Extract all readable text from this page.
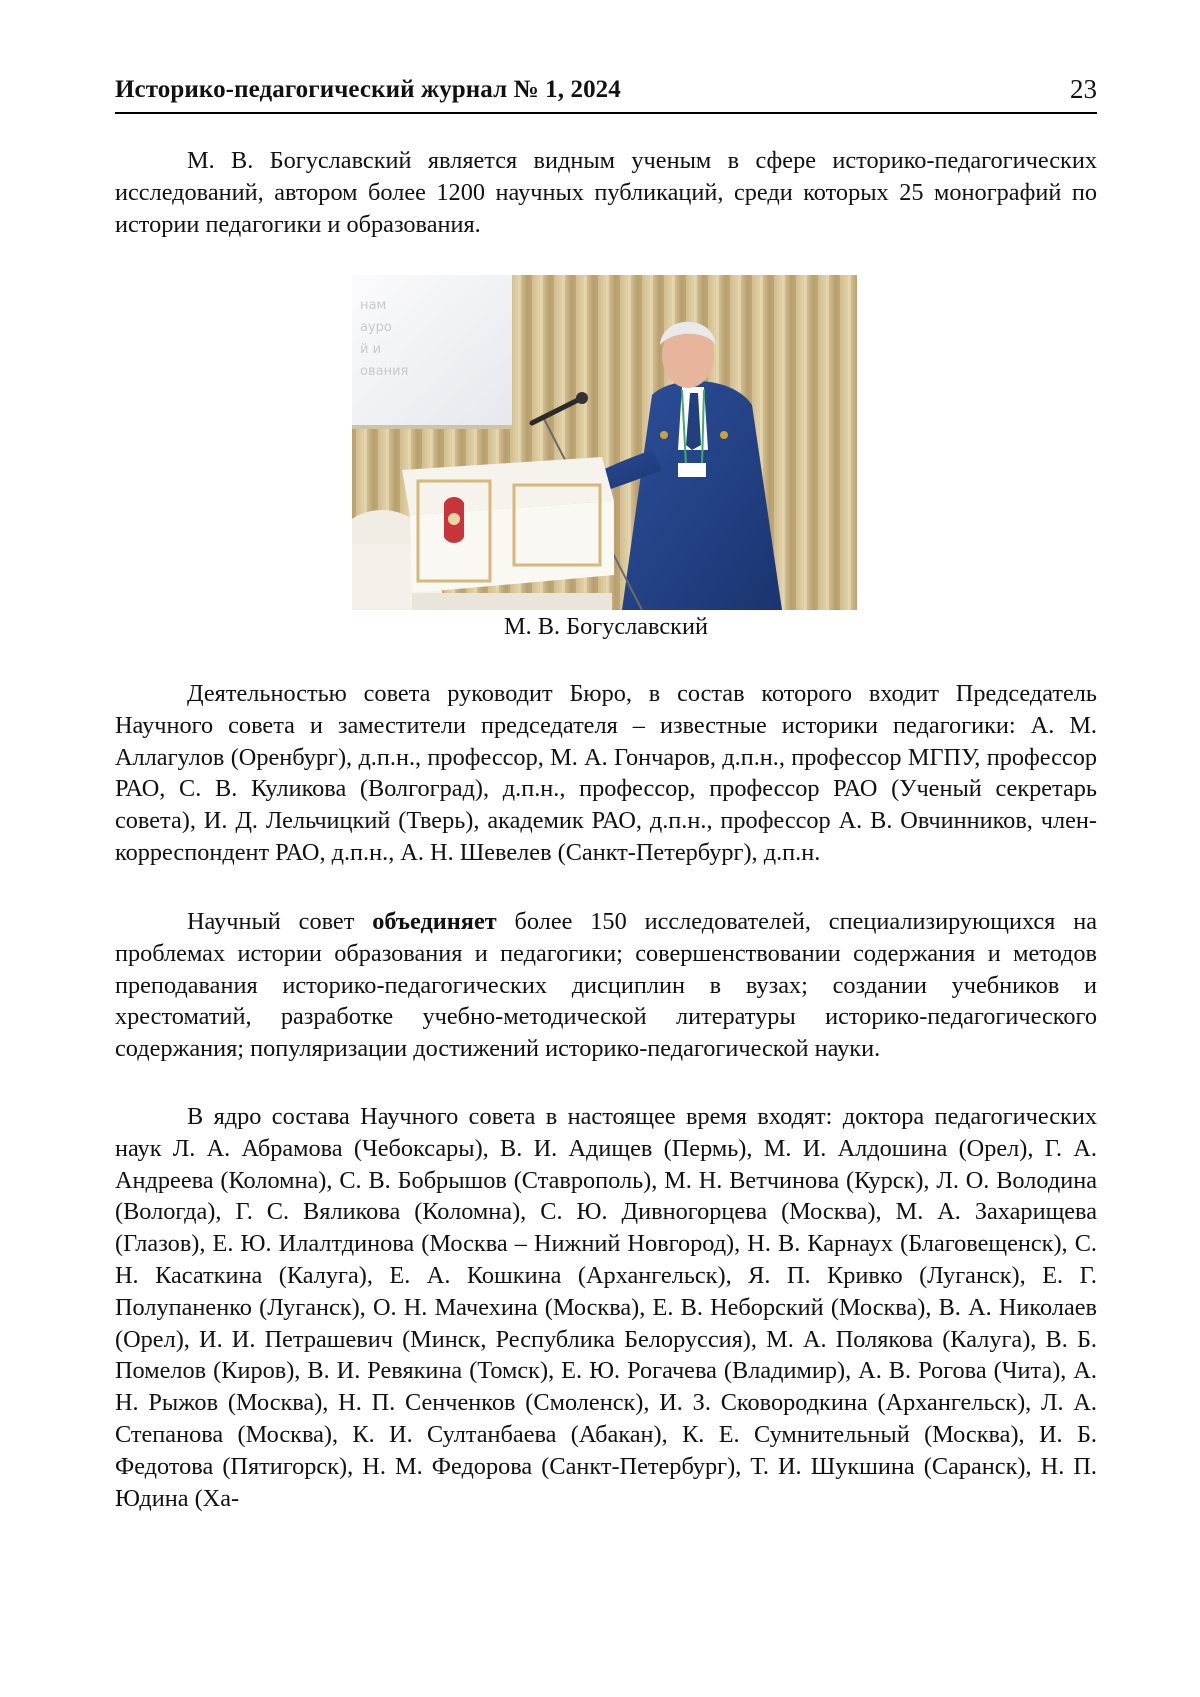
Историко-педагогический журнал № 1, 2024	23

М. В. Богуславский является видным ученым в сфере историко-педагогических исследований, автором более 1200 научных публикаций, среди которых 25 монографий по истории педагогики и образования.

нам
ауро
й и
ования
М. В. Богуславский

Деятельностью совета руководит Бюро, в состав которого входит Председатель Научного совета и заместители председателя – известные историки педагогики: А. М. Аллагулов (Оренбург), д.п.н., профессор, М. А. Гончаров, д.п.н., профессор МГПУ, профессор РАО, С. В. Куликова (Волгоград), д.п.н., профессор, профессор РАО (Ученый секретарь совета), И. Д. Лельчицкий (Тверь), академик РАО, д.п.н., профессор А. В. Овчинников, член-корреспондент РАО, д.п.н., А. Н. Шевелев (Санкт-Петербург), д.п.н.

Научный совет объединяет более 150 исследователей, специализирующихся на проблемах истории образования и педагогики; совершенствовании содержания и методов преподавания историко-педагогических дисциплин в вузах; создании учебников и хрестоматий, разработке учебно-методической литературы историко-педагогического содержания; популяризации достижений историко-педагогической науки.

В ядро состава Научного совета в настоящее время входят: доктора педагогических наук Л. А. Абрамова (Чебоксары), В. И. Адищев (Пермь), М. И. Алдошина (Орел), Г. А. Андреева (Коломна), С. В. Бобрышов (Ставрополь), М. Н. Ветчинова (Курск), Л. О. Володина (Вологда), Г. С. Вяликова (Коломна), С. Ю. Дивногорцева (Москва), М. А. Захарищева (Глазов), Е. Ю. Илалтдинова (Москва – Нижний Новгород), Н. В. Карнаух (Благовещенск), С. Н. Касаткина (Калуга), Е. А. Кошкина (Архангельск), Я. П. Кривко (Луганск), Е. Г. Полупаненко (Луганск), О. Н. Мачехина (Москва), Е. В. Неборский (Москва), В. А. Николаев (Орел), И. И. Петрашевич (Минск, Республика Белоруссия), М. А. Полякова (Калуга), В. Б. Помелов (Киров), В. И. Ревякина (Томск), Е. Ю. Рогачева (Владимир), А. В. Рогова (Чита), А. Н. Рыжов (Москва), Н. П. Сенченков (Смоленск), И. З. Сковородкина (Архангельск), Л. А. Степанова (Москва), К. И. Султанбаева (Абакан), К. Е. Сумнительный (Москва), И. Б. Федотова (Пятигорск), Н. М. Федорова (Санкт-Петербург), Т. И. Шукшина (Саранск), Н. П. Юдина (Ха-
